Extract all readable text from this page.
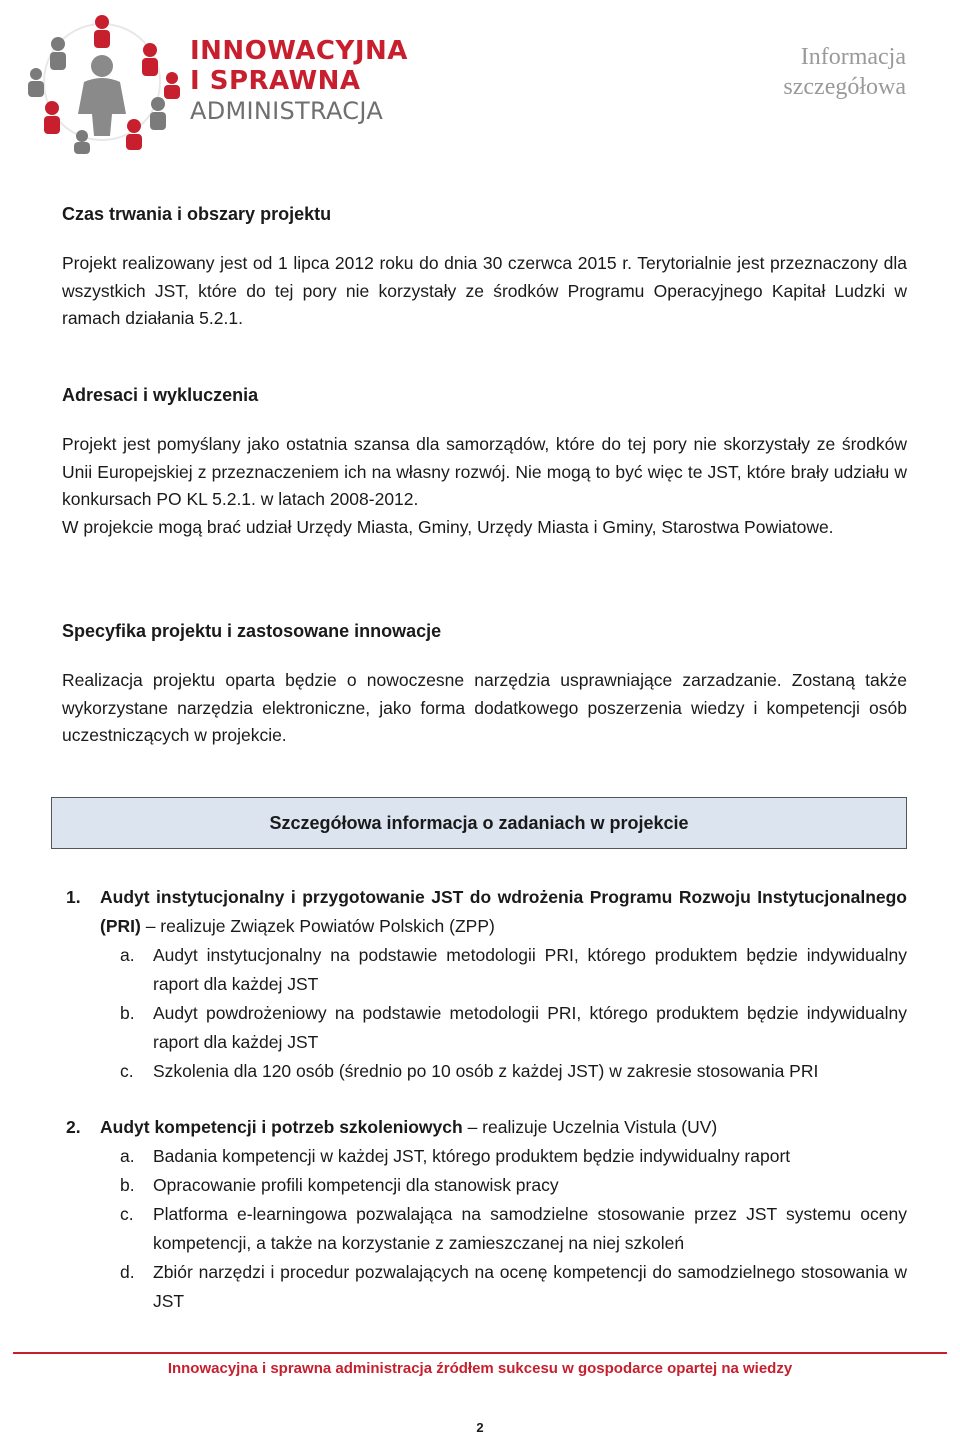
INNOWACYJNA
I SPRAWNA
ADMINISTRACJA
Informacja szczegółowa

Czas trwania i obszary projektu

Projekt realizowany jest od 1 lipca 2012 roku do dnia 30 czerwca 2015 r. Terytorialnie jest przeznaczony dla wszystkich JST, które do tej pory nie korzystały ze środków Programu Operacyjnego Kapitał Ludzki w ramach działania 5.2.1.

Adresaci i wykluczenia

Projekt jest pomyślany jako ostatnia szansa dla samorządów, które do tej pory nie skorzystały ze środków Unii Europejskiej z przeznaczeniem ich na własny rozwój. Nie mogą to być więc te JST, które brały udziału w konkursach PO KL 5.2.1. w latach 2008-2012.

W projekcie mogą brać udział Urzędy Miasta, Gminy, Urzędy Miasta i Gminy, Starostwa Powiatowe.

Specyfika projektu i zastosowane innowacje

Realizacja projektu oparta będzie o nowoczesne narzędzia usprawniające zarzadzanie. Zostaną także wykorzystane narzędzia elektroniczne, jako forma dodatkowego poszerzenia wiedzy i kompetencji osób uczestniczących w projekcie.

Szczegółowa informacja o zadaniach w projekcie
1. Audyt instytucjonalny i przygotowanie JST do wdrożenia Programu Rozwoju Instytucjonalnego (PRI) – realizuje Związek Powiatów Polskich (ZPP)
a. Audyt instytucjonalny na podstawie metodologii PRI, którego produktem będzie indywidualny raport dla każdej JST
b. Audyt powdrożeniowy na podstawie metodologii PRI, którego produktem będzie indywidualny raport dla każdej JST
c. Szkolenia dla 120 osób (średnio po 10 osób z każdej JST) w zakresie stosowania PRI
2. Audyt kompetencji i potrzeb szkoleniowych – realizuje Uczelnia Vistula (UV)
a. Badania kompetencji w każdej JST, którego produktem będzie indywidualny raport
b. Opracowanie profili kompetencji dla stanowisk pracy
c. Platforma e-learningowa pozwalająca na samodzielne stosowanie przez JST systemu oceny kompetencji, a także na korzystanie z zamieszczanej na niej szkoleń
d. Zbiór narzędzi i procedur pozwalających na ocenę kompetencji do samodzielnego stosowania w JST
Innowacyjna i sprawna administracja źródłem sukcesu w gospodarce opartej na wiedzy
2
